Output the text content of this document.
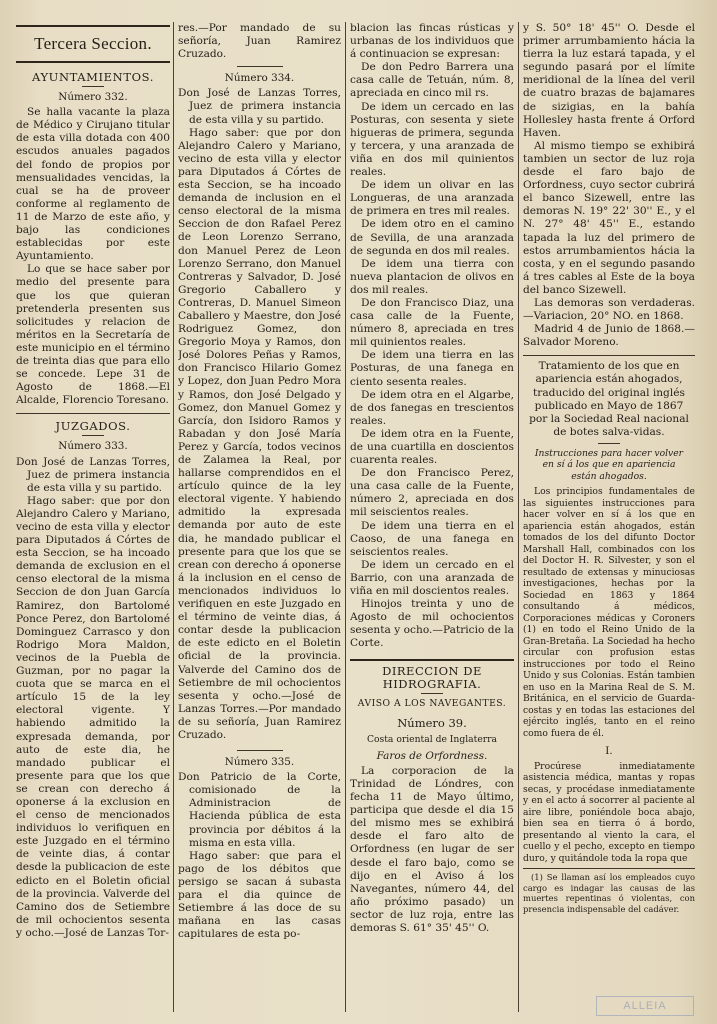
Tercera Seccion.
AYUNTAMIENTOS.
Número 332.

Se halla vacante la plaza de Médico y Cirujano titular de esta villa dotada con 400 escudos anuales pagados del fondo de propios por mensualidades vencidas, la cual se ha de proveer conforme al reglamento de 11 de Marzo de este año, y bajo las condiciones establecidas por este Ayuntamiento.

Lo que se hace saber por medio del presente para que los que quieran pretenderla presenten sus solicitudes y relacion de méritos en la Secretaría de este municipio en el término de treinta dias que para ello se concede. Lepe 31 de Agosto de 1868.—El Alcalde, Florencio Toresano.

JUZGADOS.
Número 333.

Don José de Lanzas Torres, Juez de primera instancia de esta villa y su partido.

Hago saber: que por don Alejandro Calero y Mariano, vecino de esta villa y elector para Diputados á Córtes de esta Seccion, se ha incoado demanda de exclusion en el censo electoral de la misma Seccion de don Juan García Ramirez, don Bartolomé Ponce Perez, don Bartolomé Dominguez Carrasco y don Rodrigo Mora Maldon, vecinos de la Puebla de Guzman, por no pagar la cuota que se marca en el artículo 15 de la ley electoral vigente. Y habiendo admitido la expresada demanda, por auto de este dia, he mandado publicar el presente para que los que se crean con derecho á oponerse á la exclusion en el censo de mencionados individuos lo verifiquen en este Juzgado en el término de veinte dias, á contar desde la publicacion de este edicto en el Boletin oficial de la provincia. Valverde del Camino dos de Setiembre de mil ochocientos sesenta y ocho.—José de Lanzas Tor-

res.—Por mandado de su señoría, Juan Ramirez Cruzado.

Número 334.

Don José de Lanzas Torres, Juez de primera instancia de esta villa y su partido.

Hago saber: que por don Alejandro Calero y Mariano, vecino de esta villa y elector para Diputados á Córtes de esta Seccion, se ha incoado demanda de inclusion en el censo electoral de la misma Seccion de don Rafael Perez de Leon Lorenzo Serrano, don Manuel Perez de Leon Lorenzo Serrano, don Manuel Contreras y Salvador, D. José Gregorio Caballero y Contreras, D. Manuel Simeon Caballero y Maestre, don José Rodriguez Gomez, don Gregorio Moya y Ramos, don José Dolores Peñas y Ramos, don Francisco Hilario Gomez y Lopez, don Juan Pedro Mora y Ramos, don José Delgado y Gomez, don Manuel Gomez y García, don Isidoro Ramos y Rabadan y don José María Perez y García, todos vecinos de Zalamea la Real, por hallarse comprendidos en el artículo quince de la ley electoral vigente. Y habiendo admitido la expresada demanda por auto de este dia, he mandado publicar el presente para que los que se crean con derecho á oponerse á la inclusion en el censo de mencionados individuos lo verifiquen en este Juzgado en el término de veinte dias, á contar desde la publicacion de este edicto en el Boletin oficial de la provincia. Valverde del Camino dos de Setiembre de mil ochocientos sesenta y ocho.—José de Lanzas Torres.—Por mandado de su señoría, Juan Ramirez Cruzado.

Número 335.

Don Patricio de la Corte, comisionado de la Administracion de Hacienda pública de esta provincia por débitos á la misma en esta villa.

Hago saber: que para el pago de los débitos que persigo se sacan á subasta para el dia quince de Setiembre á las doce de su mañana en las casas capitulares de esta po-

blacion las fincas rústicas y urbanas de los individuos que á continuacion se expresan:

De don Pedro Barrera una casa calle de Tetuán, núm. 8, apreciada en cinco mil rs.

De idem un cercado en las Posturas, con sesenta y siete higueras de primera, segunda y tercera, y una aranzada de viña en dos mil quinientos reales.

De idem un olivar en las Longueras, de una aranzada de primera en tres mil reales.

De idem otro en el camino de Sevilla, de una aranzada de segunda en dos mil reales.

De idem una tierra con nueva plantacion de olivos en dos mil reales.

De don Francisco Diaz, una casa calle de la Fuente, número 8, apreciada en tres mil quinientos reales.

De idem una tierra en las Posturas, de una fanega en ciento sesenta reales.

De idem otra en el Algarbe, de dos fanegas en trescientos reales.

De idem otra en la Fuente, de una cuartilla en doscientos cuarenta reales.

De don Francisco Perez, una casa calle de la Fuente, número 2, apreciada en dos mil seiscientos reales.

De idem una tierra en el Caoso, de una fanega en seiscientos reales.

De idem un cercado en el Barrio, con una aranzada de viña en mil doscientos reales.

Hinojos treinta y uno de Agosto de mil ochocientos sesenta y ocho.—Patricio de la Corte.

DIRECCION DE HIDROGRAFIA.
AVISO A LOS NAVEGANTES.
Número 39.
Costa oriental de Inglaterra
Faros de Orfordness.

La corporacion de la Trinidad de Lóndres, con fecha 11 de Mayo último, participa que desde el dia 15 del mismo mes se exhibirá desde el faro alto de Orfordness (en lugar de ser desde el faro bajo, como se dijo en el Aviso á los Navegantes, número 44, del año próximo pasado) un sector de luz roja, entre las demoras S. 61° 35' 45'' O.

y S. 50° 18' 45'' O. Desde el primer arrumbamiento hácia la tierra la luz estará tapada, y el segundo pasará por el límite meridional de la línea del veril de cuatro brazas de bajamares de sizigias, en la bahía Hollesley hasta frente á Orford Haven.

Al mismo tiempo se exhibirá tambien un sector de luz roja desde el faro bajo de Orfordness, cuyo sector cubrirá el banco Sizewell, entre las demoras N. 19° 22' 30'' E., y el N. 27° 48' 45'' E., estando tapada la luz del primero de estos arrumbamientos hácia la costa, y en el segundo pasando á tres cables al Este de la boya del banco Sizewell.

Las demoras son verdaderas.—Variacion, 20° NO. en 1868.

Madrid 4 de Junio de 1868.—Salvador Moreno.

Tratamiento de los que en apariencia están ahogados, traducido del original inglés publicado en Mayo de 1867 por la Sociedad Real nacional de botes salva-vidas.

Instrucciones para hacer volver en sí á los que en apariencia están ahogados.

Los principios fundamentales de las siguientes instrucciones para hacer volver en sí á los que en apariencia están ahogados, están tomados de los del difunto Doctor Marshall Hall, combinados con los del Doctor H. R. Silvester, y son el resultado de extensas y minuciosas investigaciones, hechas por la Sociedad en 1863 y 1864 consultando á médicos, Corporaciones médicas y Coroners (1) en todo el Reino Unido de la Gran-Bretaña. La Sociedad ha hecho circular con profusion estas instrucciones por todo el Reino Unido y sus Colonias. Están tambien en uso en la Marina Real de S. M. Británica, en el servicio de Guarda-costas y en todas las estaciones del ejército inglés, tanto en el reino como fuera de él.

I.

Procúrese inmediatamente asistencia médica, mantas y ropas secas, y procédase inmediatamente y en el acto á socorrer al paciente al aire libre, poniéndole boca abajo, bien sea en tierra ó á bordo, presentando al viento la cara, el cuello y el pecho, excepto en tiempo duro, y quitándole toda la ropa que

(1) Se llaman así los empleados cuyo cargo es indagar las causas de las muertes repentinas ó violentas, con presencia indispensable del cadáver.

ALLEIA
